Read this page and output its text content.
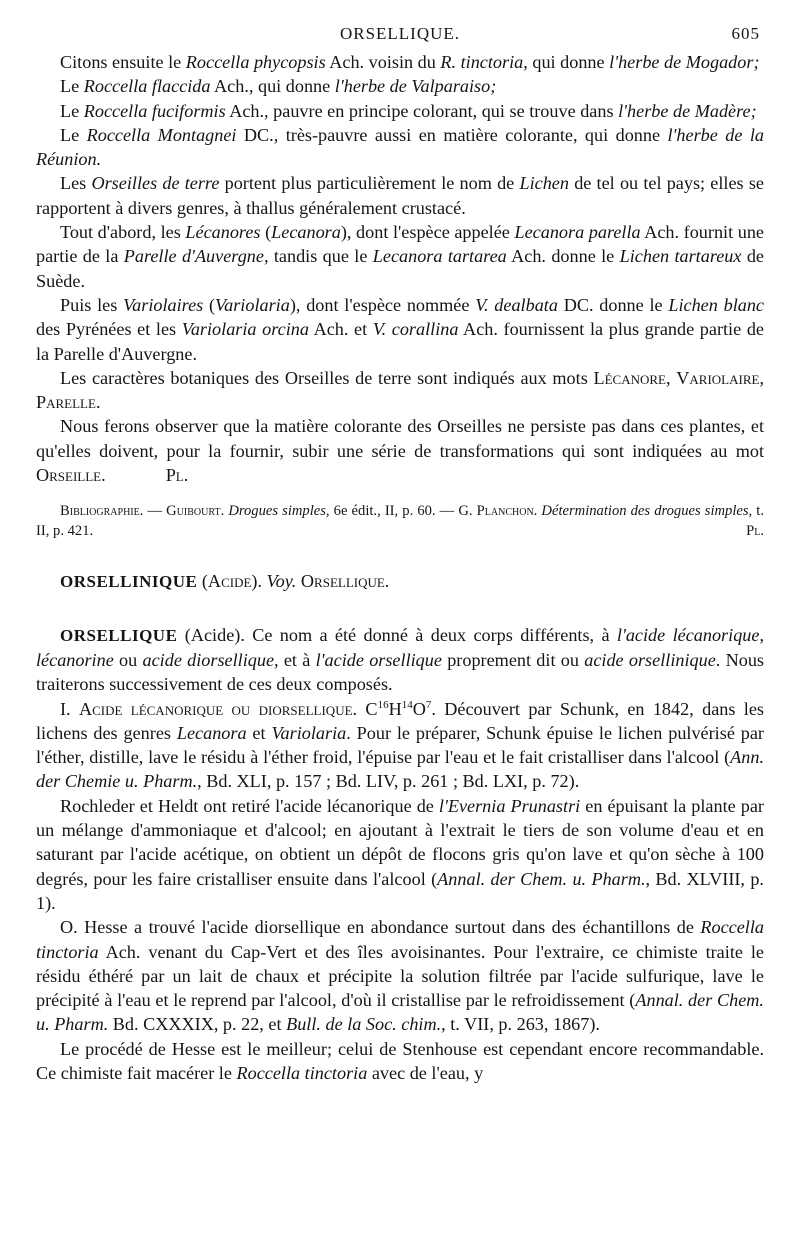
ORSELLIQUE.	605

Citons ensuite le Roccella phycopsis Ach. voisin du R. tinctoria, qui donne l'herbe de Mogador;

Le Roccella flaccida Ach., qui donne l'herbe de Valparaiso;

Le Roccella fuciformis Ach., pauvre en principe colorant, qui se trouve dans l'herbe de Madère;

Le Roccella Montagnei DC., très-pauvre aussi en matière colorante, qui donne l'herbe de la Réunion.

Les Orseilles de terre portent plus particulièrement le nom de Lichen de tel ou tel pays; elles se rapportent à divers genres, à thallus généralement crustacé.

Tout d'abord, les Lécanores (Lecanora), dont l'espèce appelée Lecanora parella Ach. fournit une partie de la Parelle d'Auvergne, tandis que le Lecanora tartarea Ach. donne le Lichen tartareux de Suède.

Puis les Variolaires (Variolaria), dont l'espèce nommée V. dealbata DC. donne le Lichen blanc des Pyrénées et les Variolaria orcina Ach. et V. corallina Ach. fournissent la plus grande partie de la Parelle d'Auvergne.

Les caractères botaniques des Orseilles de terre sont indiqués aux mots Lécanore, Variolaire, Parelle.

Nous ferons observer que la matière colorante des Orseilles ne persiste pas dans ces plantes, et qu'elles doivent, pour la fournir, subir une série de transformations qui sont indiquées au mot Orseille.	Pl.

Bibliographie. — Guibourt. Drogues simples, 6e édit., II, p. 60. — G. Planchon. Détermination des drogues simples, t. II, p. 421.	Pl.

ORSELLINIQUE (Acide). Voy. Orsellique.

ORSELLIQUE (Acide). Ce nom a été donné à deux corps différents, à l'acide lécanorique, lécanorine ou acide diorsellique, et à l'acide orsellique proprement dit ou acide orsellinique. Nous traiterons successivement de ces deux composés.

I. Acide lécanorique ou diorsellique. $C^{16}H^{14}O^7$. Découvert par Schunk, en 1842, dans les lichens des genres Lecanora et Variolaria. Pour le préparer, Schunk épuise le lichen pulvérisé par l'éther, distille, lave le résidu à l'éther froid, l'épuise par l'eau et le fait cristalliser dans l'alcool (Ann. der Chemie u. Pharm., Bd. XLI, p. 157 ; Bd. LIV, p. 261 ; Bd. LXI, p. 72).

Rochleder et Heldt ont retiré l'acide lécanorique de l'Evernia Prunastri en épuisant la plante par un mélange d'ammoniaque et d'alcool; en ajoutant à l'extrait le tiers de son volume d'eau et en saturant par l'acide acétique, on obtient un dépôt de flocons gris qu'on lave et qu'on sèche à 100 degrés, pour les faire cristalliser ensuite dans l'alcool (Annal. der Chem. u. Pharm., Bd. XLVIII, p. 1).

O. Hesse a trouvé l'acide diorsellique en abondance surtout dans des échantillons de Roccella tinctoria Ach. venant du Cap-Vert et des îles avoisinantes. Pour l'extraire, ce chimiste traite le résidu éthéré par un lait de chaux et précipite la solution filtrée par l'acide sulfurique, lave le précipité à l'eau et le reprend par l'alcool, d'où il cristallise par le refroidissement (Annal. der Chem. u. Pharm. Bd. CXXXIX, p. 22, et Bull. de la Soc. chim., t. VII, p. 263, 1867).

Le procédé de Hesse est le meilleur; celui de Stenhouse est cependant encore recommandable. Ce chimiste fait macérer le Roccella tinctoria avec de l'eau, y
